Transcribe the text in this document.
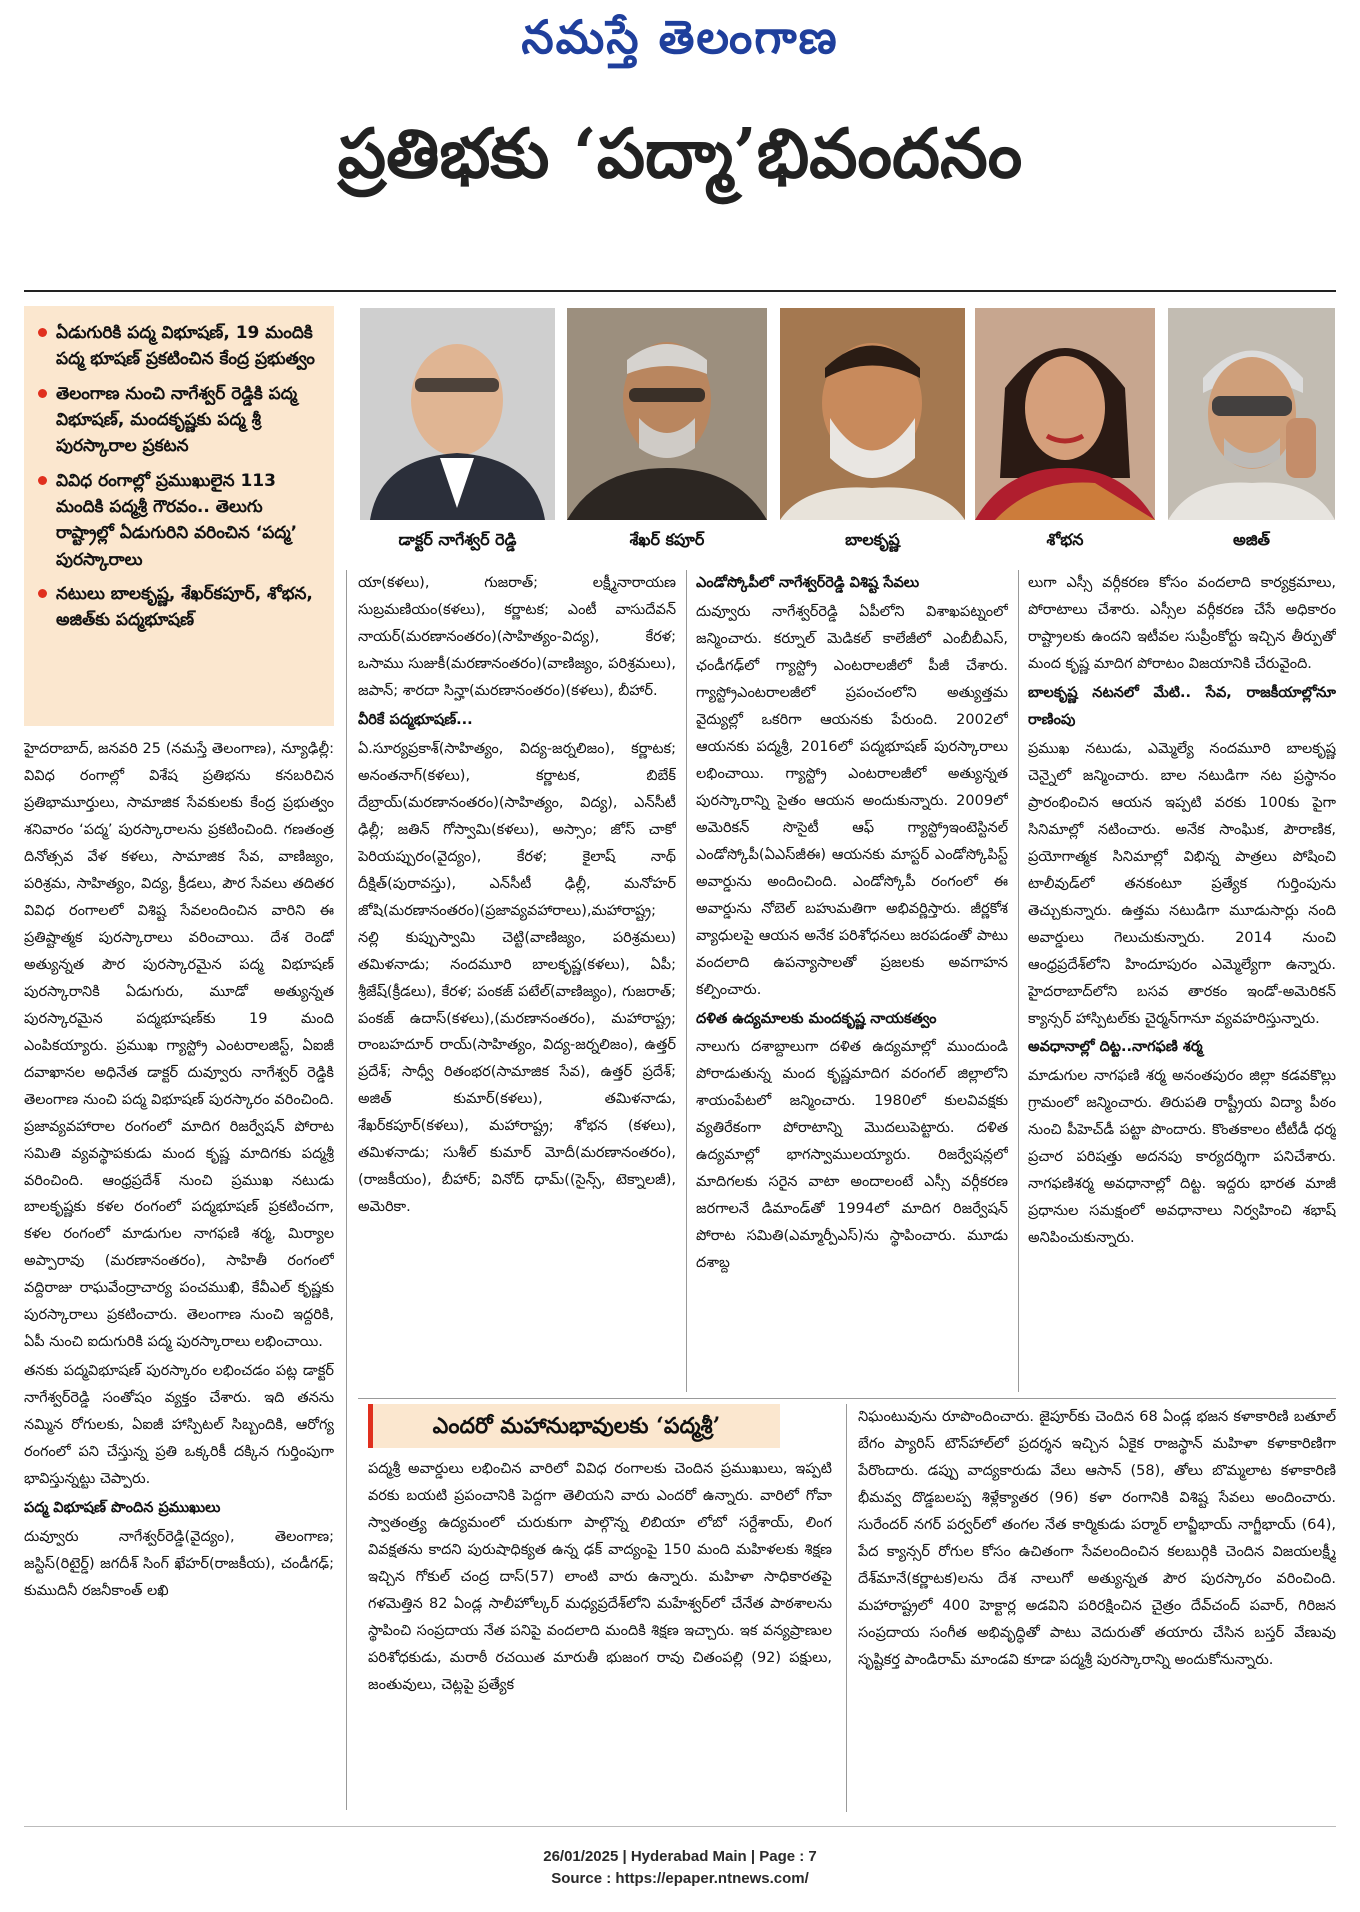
నమస్తే తెలంగాణ
ప్రతిభకు ‘పద్మా’భివందనం
ఏడుగురికి పద్మ విభూషణ్, 19 మందికి పద్మ భూషణ్ ప్రకటించిన కేంద్ర ప్రభుత్వం
తెలంగాణ నుంచి నాగేశ్వర్ రెడ్డికి పద్మ విభూషణ్, మందకృష్ణకు పద్మ శ్రీ పురస్కారాల ప్రకటన
వివిధ రంగాల్లో ప్రముఖులైన 113 మందికి పద్మశ్రీ గౌరవం.. తెలుగు రాష్ట్రాల్లో ఏడుగురిని వరించిన ‘పద్మ’ పురస్కారాలు
నటులు బాలకృష్ణ, శేఖర్‌కపూర్, శోభన, అజిత్‌కు పద్మభూషణ్
డాక్టర్ నాగేశ్వర్ రెడ్డి	శేఖర్ కపూర్	బాలకృష్ణ	శోభన	అజిత్

హైదరాబాద్, జనవరి 25 (నమస్తే తెలంగాణ), న్యూఢిల్లీ: వివిధ రంగాల్లో విశేష ప్రతిభను కనబరిచిన ప్రతిభామూర్తులు, సామాజిక సేవకులకు కేంద్ర ప్రభుత్వం శనివారం ‘పద్మ’ పురస్కారాలను ప్రకటించింది. గణతంత్ర దినోత్సవ వేళ కళలు, సామాజిక సేవ, వాణిజ్యం, పరిశ్రమ, సాహిత్యం, విద్య, క్రీడలు, పౌర సేవలు తదితర వివిధ రంగాలలో విశిష్ట సేవలందించిన వారిని ఈ ప్రతిష్టాత్మక పురస్కారాలు వరించాయి. దేశ రెండో అత్యున్నత పౌర పురస్కారమైన పద్మ విభూషణ్ పురస్కారానికి ఏడుగురు, మూడో అత్యున్నత పురస్కారమైన పద్మభూషణ్‌కు 19 మంది ఎంపికయ్యారు. ప్రముఖ గ్యాస్ట్రో ఎంటరాలజిస్ట్, ఏఐజీ దవాఖానల అధినేత డాక్టర్ దువ్వూరు నాగేశ్వర్ రెడ్డికి తెలంగాణ నుంచి పద్మ విభూషణ్ పురస్కారం వరించింది. ప్రజావ్యవహారాల రంగంలో మాదిగ రిజర్వేషన్ పోరాట సమితి వ్యవస్థాపకుడు మంద కృష్ణ మాదిగకు పద్మశ్రీ వరించింది. ఆంధ్రప్రదేశ్ నుంచి ప్రముఖ నటుడు బాలకృష్ణకు కళల రంగంలో పద్మభూషణ్ ప్రకటించగా, కళల రంగంలో మాడుగుల నాగఫణి శర్మ, మిర్యాల అప్పారావు (మరణానంతరం), సాహితీ రంగంలో వద్దిరాజు రాఘవేంద్రాచార్య పంచముఖి, కేవీఎల్ కృష్ణకు పురస్కారాలు ప్రకటించారు. తెలంగాణ నుంచి ఇద్దరికి, ఏపీ నుంచి ఐదుగురికి పద్మ పురస్కారాలు లభించాయి.

తనకు పద్మవిభూషణ్ పురస్కారం లభించడం పట్ల డాక్టర్ నాగేశ్వర్‌రెడ్డి సంతోషం వ్యక్తం చేశారు. ఇది తనను నమ్మిన రోగులకు, ఏఐజీ హాస్పిటల్ సిబ్బందికి, ఆరోగ్య రంగంలో పని చేస్తున్న ప్రతి ఒక్కరికీ దక్కిన గుర్తింపుగా భావిస్తున్నట్టు చెప్పారు.

పద్మ విభూషణ్ పొందిన ప్రముఖులు

దువ్వూరు నాగేశ్వర్‌రెడ్డి(వైద్యం), తెలంగాణ; జస్టిస్(రిటైర్డ్) జగదీశ్ సింగ్ ఖేహర్(రాజకీయ), చండీగఢ్; కుముదినీ రజనీకాంత్ లఖి

యా(కళలు), గుజరాత్; లక్ష్మీనారాయణ సుబ్రమణియం(కళలు), కర్ణాటక; ఎంటీ వాసుదేవన్ నాయర్(మరణానంతరం)(సాహిత్యం-విద్య), కేరళ; ఒసాము సుజుకీ(మరణానంతరం)(వాణిజ్యం, పరిశ్రమలు), జపాన్; శారదా సిన్హా(మరణానంతరం)(కళలు), బీహార్.

వీరికే పద్మభూషణ్...

ఏ.సూర్యప్రకాశ్(సాహిత్యం, విద్య-జర్నలిజం), కర్ణాటక; అనంతనాగ్(కళలు), కర్ణాటక, బిబేక్ దేబ్రాయ్(మరణానంతరం)(సాహిత్యం, విద్య), ఎన్‌సీటీ ఢిల్లీ; జతిన్ గోస్వామి(కళలు), అస్సాం; జోస్ చాకో పెరియప్పురం(వైద్యం), కేరళ; కైలాష్ నాథ్ దీక్షిత్(పురావస్తు), ఎన్‌సీటీ ఢిల్లీ, మనోహర్ జోషి(మరణానంతరం)(ప్రజావ్యవహారాలు),మహారాష్ట్ర; నల్లి కుప్పుస్వామి చెట్టి(వాణిజ్యం, పరిశ్రమలు) తమిళనాడు; నందమూరి బాలకృష్ణ(కళలు), ఏపీ; శ్రీజేష్(క్రీడలు), కేరళ; పంకజ్ పటేల్(వాణిజ్యం), గుజరాత్; పంకజ్ ఉదాస్(కళలు),(మరణానంతరం), మహారాష్ట్ర; రాంబహదూర్ రాయ్(సాహిత్యం, విద్య-జర్నలిజం), ఉత్తర్ ప్రదేశ్; సాధ్వీ రితంభర(సామాజిక సేవ), ఉత్తర్ ప్రదేశ్; అజిత్ కుమార్(కళలు), తమిళనాడు, శేఖర్‌కపూర్(కళలు), మహారాష్ట్ర; శోభన (కళలు), తమిళనాడు; సుశీల్ కుమార్ మోదీ(మరణానంతరం), (రాజకీయం), బీహార్; వినోద్ ధామ్((సైన్స్, టెక్నాలజీ), అమెరికా.

ఎండోస్కోపీలో నాగేశ్వర్‌రెడ్డి విశిష్ట సేవలు

దువ్వూరు నాగేశ్వర్‌రెడ్డి ఏపీలోని విశాఖపట్నంలో జన్మించారు. కర్నూల్ మెడికల్ కాలేజీలో ఎంబీబీఎస్, ఛండీగఢ్‌లో గ్యాస్ట్రో ఎంటరాలజీలో పీజీ చేశారు. గ్యాస్ట్రోఎంటరాలజీలో ప్రపంచంలోని అత్యుత్తమ వైద్యుల్లో ఒకరిగా ఆయనకు పేరుంది. 2002లో ఆయనకు పద్మశ్రీ, 2016లో పద్మభూషణ్ పురస్కారాలు లభించాయి. గ్యాస్ట్రో ఎంటరాలజీలో అత్యున్నత పురస్కారాన్ని సైతం ఆయన అందుకున్నారు. 2009లో అమెరికన్ సొసైటీ ఆఫ్ గ్యాస్ట్రోఇంటెస్టినల్ ఎండోస్కోపీ(ఏఎస్‌జీఈ) ఆయనకు మాస్టర్ ఎండోస్కోపిస్ట్ అవార్డును అందించింది. ఎండోస్కోపీ రంగంలో ఈ అవార్డును నోబెల్ బహుమతిగా అభివర్ణిస్తారు. జీర్ణకోశ వ్యాధులపై ఆయన అనేక పరిశోధనలు జరపడంతో పాటు వందలాది ఉపన్యాసాలతో ప్రజలకు అవగాహన కల్పించారు.

దళిత ఉద్యమాలకు మందకృష్ణ నాయకత్వం

నాలుగు దశాబ్దాలుగా దళిత ఉద్యమాల్లో ముందుండి పోరాడుతున్న మంద కృష్ణమాదిగ వరంగల్ జిల్లాలోని శాయంపేటలో జన్మించారు. 1980లో కులవివక్షకు వ్యతిరేకంగా పోరాటాన్ని మొదలుపెట్టారు. దళిత ఉద్యమాల్లో భాగస్వాములయ్యారు. రిజర్వేషన్లలో మాదిగలకు సరైన వాటా అందాలంటే ఎస్సీ వర్గీకరణ జరగాలనే డిమాండ్‌తో 1994లో మాదిగ రిజర్వేషన్ పోరాట సమితి(ఎమ్మార్పీఎస్)ను స్థాపించారు. మూడు దశాబ్ద

లుగా ఎస్సీ వర్గీకరణ కోసం వందలాది కార్యక్రమాలు, పోరాటాలు చేశారు. ఎస్సీల వర్గీకరణ చేసే అధికారం రాష్ట్రాలకు ఉందని ఇటీవల సుప్రీంకోర్టు ఇచ్చిన తీర్పుతో మంద కృష్ణ మాదిగ పోరాటం విజయానికి చేరువైంది.

బాలకృష్ణ నటనలో మేటి.. సేవ, రాజకీయాల్లోనూ రాణింపు

ప్రముఖ నటుడు, ఎమ్మెల్యే నందమూరి బాలకృష్ణ చెన్నైలో జన్మించారు. బాల నటుడిగా నట ప్రస్థానం ప్రారంభించిన ఆయన ఇప్పటి వరకు 100కు పైగా సినిమాల్లో నటించారు. అనేక సాంఘిక, పౌరాణిక, ప్రయోగాత్మక సినిమాల్లో విభిన్న పాత్రలు పోషించి టాలీవుడ్‌లో తనకంటూ ప్రత్యేక గుర్తింపును తెచ్చుకున్నారు. ఉత్తమ నటుడిగా మూడుసార్లు నంది అవార్డులు గెలుచుకున్నారు. 2014 నుంచి ఆంధ్రప్రదేశ్‌లోని హిందూపురం ఎమ్మెల్యేగా ఉన్నారు. హైదరాబాద్‌లోని బసవ తారకం ఇండో-అమెరికన్ క్యాన్సర్ హాస్పిటల్‌కు చైర్మన్‌గానూ వ్యవహరిస్తున్నారు.

అవధానాల్లో దిట్ట..నాగఫణి శర్మ

మాడుగుల నాగఫణి శర్మ అనంతపురం జిల్లా కడవకొల్లు గ్రామంలో జన్మించారు. తిరుపతి రాష్ట్రీయ విద్యా పీఠం నుంచి పీహెచ్‌డీ పట్టా పొందారు. కొంతకాలం టీటీడీ ధర్మ ప్రచార పరిషత్తు అదనపు కార్యదర్శిగా పనిచేశారు. నాగఫణిశర్మ అవధానాల్లో దిట్ట. ఇద్దరు భారత మాజీ ప్రధానుల సమక్షంలో అవధానాలు నిర్వహించి శభాష్ అనిపించుకున్నారు.

ఎందరో మహానుభావులకు ‘పద్మశ్రీ’

పద్మశ్రీ అవార్డులు లభించిన వారిలో వివిధ రంగాలకు చెందిన ప్రముఖులు, ఇప్పటి వరకు బయటి ప్రపంచానికి పెద్దగా తెలియని వారు ఎందరో ఉన్నారు. వారిలో గోవా స్వాతంత్ర్య ఉద్యమంలో చురుకుగా పాల్గొన్న లిబియా లోబో సర్దేశాయ్, లింగ వివక్షతను కాదని పురుషాధిక్యత ఉన్న ఢక్ వాద్యంపై 150 మంది మహిళలకు శిక్షణ ఇచ్చిన గోకుల్ చంద్ర దాస్(57) లాంటి వారు ఉన్నారు. మహిళా సాధికారతపై గళమెత్తిన 82 ఏండ్ల సాలీహోల్కర్ మధ్యప్రదేశ్‌లోని మహేశ్వర్‌లో చేనేత పాఠశాలను స్థాపించి సంప్రదాయ నేత పనిపై వందలాది మందికి శిక్షణ ఇచ్చారు. ఇక వన్యప్రాణుల పరిశోధకుడు, మరాఠీ రచయిత మారుతీ భుజంగ రావు చితంపల్లి (92) పక్షులు, జంతువులు, చెట్లపై ప్రత్యేక

నిఘంటువును రూపొందించారు. జైపూర్‌కు చెందిన 68 ఏండ్ల భజన కళాకారిణి బతూల్ బేగం ప్యారిస్ టౌన్‌హాల్‌లో ప్రదర్శన ఇచ్చిన ఏకైక రాజస్థాన్ మహిళా కళాకారిణిగా పేరొందారు. డప్పు వాద్యకారుడు వేలు ఆసాన్ (58), తోలు బొమ్మలాట కళాకారిణి భీమవ్వ దొడ్డబలప్ప శిళ్లేక్యాతర (96) కళా రంగానికి విశిష్ట సేవలు అందించారు. సురేందర్ నగర్ పర్వర్‌లో తంగల నేత కార్మికుడు పర్మార్ లావ్జీభాయ్ నాగ్జీభాయ్ (64), పేద క్యాన్సర్ రోగుల కోసం ఉచితంగా సేవలందించిన కలబుర్గికి చెందిన విజయలక్ష్మీ దేశ్‌మానే(కర్ణాటక)లను దేశ నాలుగో అత్యున్నత పౌర పురస్కారం వరించింది. మహారాష్ట్రలో 400 హెక్టార్ల అడవిని పరిరక్షించిన చైత్రం దేవ్‌చంద్ పవార్, గిరిజన సంప్రదాయ సంగీత అభివృద్ధితో పాటు వెదురుతో తయారు చేసిన బస్తర్ వేణువు సృష్టికర్త పాండిరామ్ మాండవి కూడా పద్మశ్రీ పురస్కారాన్ని అందుకోనున్నారు.

26/01/2025 | Hyderabad Main | Page : 7
Source : https://epaper.ntnews.com/
